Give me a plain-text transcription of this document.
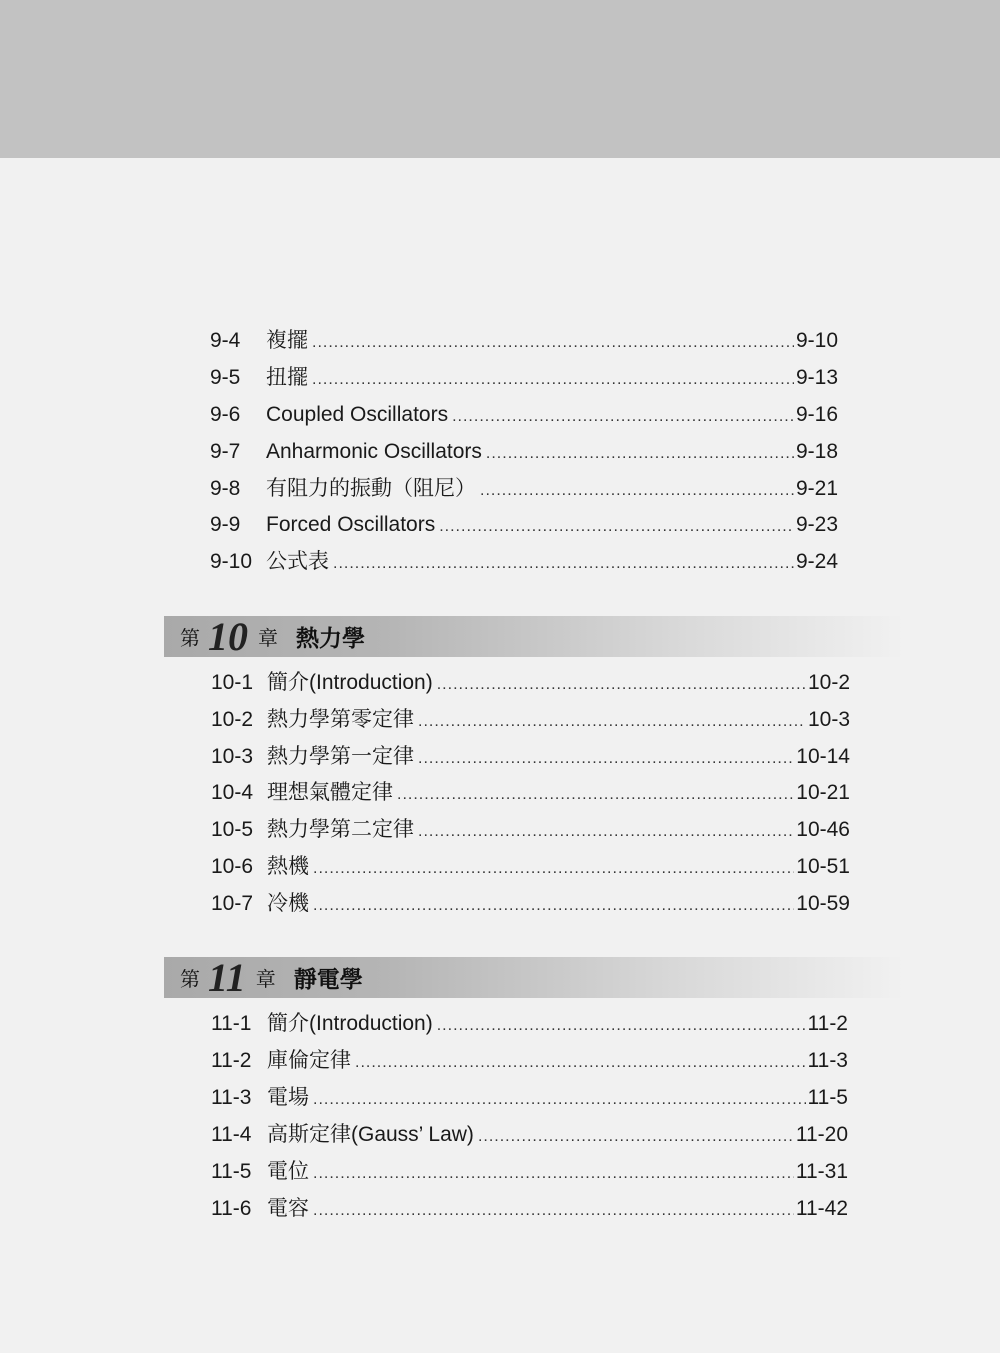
9-4	複擺 .....	9-10
9-5	扭擺 .....	9-13
9-6	Coupled Oscillators .....	9-16
9-7	Anharmonic Oscillators .....	9-18
9-8	有阻力的振動（阻尼） .....	9-21
9-9	Forced Oscillators .....	9-23
9-10 公式表 .....	9-24
第 10 章 熱力學
10-1 簡介(Introduction) .....	10-2
10-2 熱力學第零定律 .....	10-3
10-3 熱力學第一定律 .....	10-14
10-4 理想氣體定律 .....	10-21
10-5 熱力學第二定律 .....	10-46
10-6 熱機 .....	10-51
10-7 冷機 .....	10-59
第 11 章 靜電學
11-1 簡介(Introduction) .....	11-2
11-2 庫倫定律 .....	11-3
11-3 電場 .....	11-5
11-4 高斯定律(Gauss’ Law) .....	11-20
11-5 電位 .....	11-31
11-6 電容 .....	11-42
